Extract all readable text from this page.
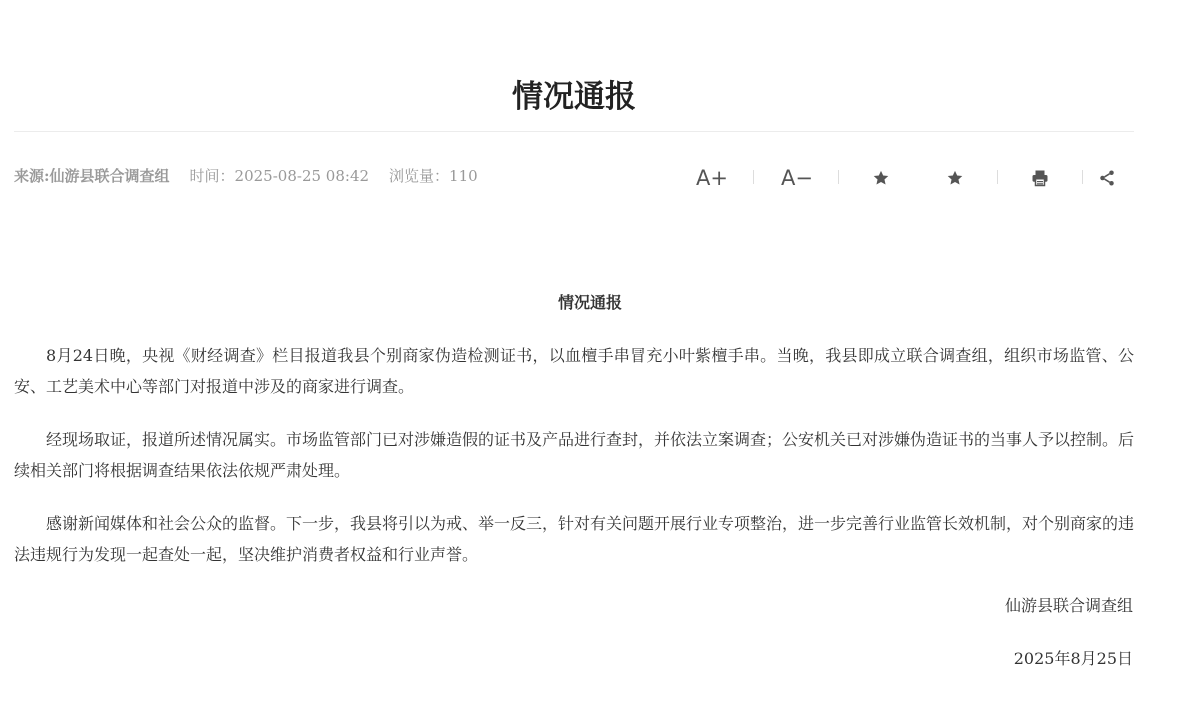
情况通报
来源:仙游县联合调查组 时间：2025-08-25 08:42 浏览量：110	A+	A−
情况通报

8月24日晚，央视《财经调查》栏目报道我县个别商家伪造检测证书，以血檀手串冒充小叶紫檀手串。当晚，我县即成立联合调查组，组织市场监管、公安、工艺美术中心等部门对报道中涉及的商家进行调查。

经现场取证，报道所述情况属实。市场监管部门已对涉嫌造假的证书及产品进行查封，并依法立案调查；公安机关已对涉嫌伪造证书的当事人予以控制。后续相关部门将根据调查结果依法依规严肃处理。

感谢新闻媒体和社会公众的监督。下一步，我县将引以为戒、举一反三，针对有关问题开展行业专项整治，进一步完善行业监管长效机制，对个别商家的违法违规行为发现一起查处一起，坚决维护消费者权益和行业声誉。

仙游县联合调查组
2025年8月25日
